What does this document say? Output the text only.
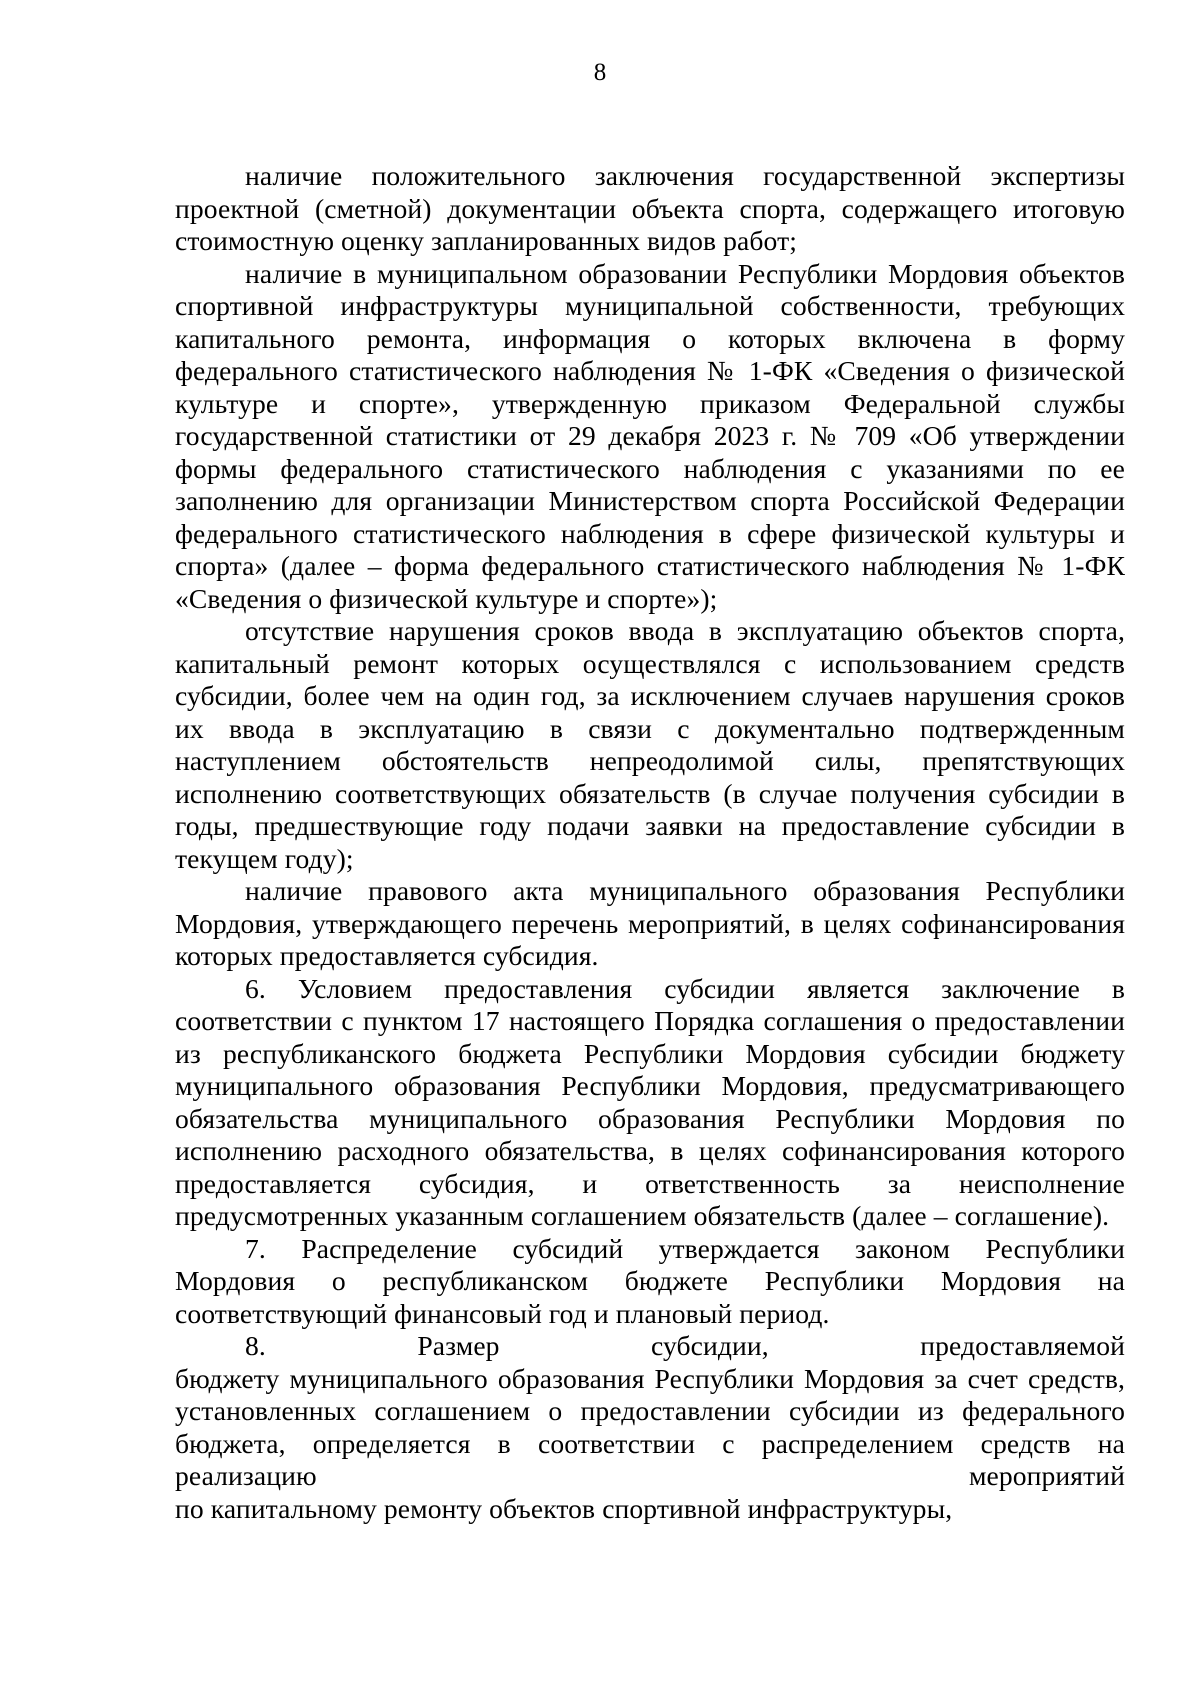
8

наличие положительного заключения государственной экспертизы
проектной (сметной) документации объекта спорта, содержащего итоговую
стоимостную оценку запланированных видов работ;

наличие в муниципальном образовании Республики Мордовия объектов
спортивной инфраструктуры муниципальной собственности, требующих
капитального ремонта, информация о которых включена в форму
федерального статистического наблюдения № 1-ФК «Сведения о физической
культуре и спорте», утвержденную приказом Федеральной службы
государственной статистики от 29 декабря 2023 г. № 709 «Об утверждении
формы федерального статистического наблюдения с указаниями по ее
заполнению для организации Министерством спорта Российской Федерации
федерального статистического наблюдения в сфере физической культуры и
спорта» (далее – форма федерального статистического наблюдения № 1-ФК
«Сведения о физической культуре и спорте»);

отсутствие нарушения сроков ввода в эксплуатацию объектов спорта,
капитальный ремонт которых осуществлялся с использованием средств
субсидии, более чем на один год, за исключением случаев нарушения сроков
их ввода в эксплуатацию в связи с документально подтвержденным
наступлением обстоятельств непреодолимой силы, препятствующих
исполнению соответствующих обязательств (в случае получения субсидии в
годы, предшествующие году подачи заявки на предоставление субсидии в
текущем году);

наличие правового акта муниципального образования Республики
Мордовия, утверждающего перечень мероприятий, в целях софинансирования
которых предоставляется субсидия.

6. Условием предоставления субсидии является заключение в
соответствии с пунктом 17 настоящего Порядка соглашения о предоставлении
из республиканского бюджета Республики Мордовия субсидии бюджету
муниципального образования Республики Мордовия, предусматривающего
обязательства муниципального образования Республики Мордовия по
исполнению расходного обязательства, в целях софинансирования которого
предоставляется субсидия, и ответственность за неисполнение
предусмотренных указанным соглашением обязательств (далее – соглашение).

7. Распределение субсидий утверждается законом Республики
Мордовия о республиканском бюджете Республики Мордовия на
соответствующий финансовый год и плановый период.

8. Размер субсидии, предоставляемой
бюджету муниципального образования Республики Мордовия за счет средств,
установленных соглашением о предоставлении субсидии из федерального
бюджета, определяется в соответствии с распределением средств на
реализацию мероприятий
по капитальному ремонту объектов спортивной инфраструктуры,
